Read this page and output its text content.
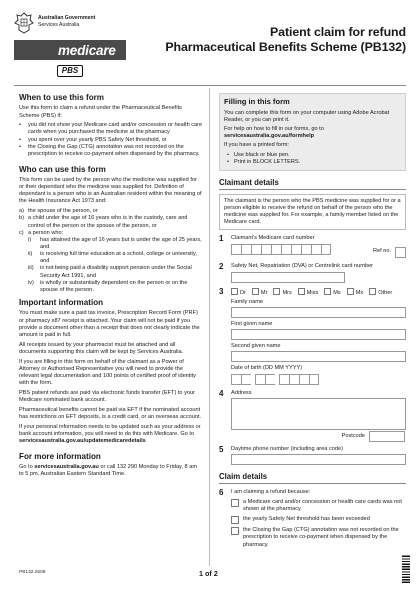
Australian Government
Services Australia
medicare
PBS
Patient claim for refund
Pharmaceutical Benefits Scheme (PB132)
When to use this form

Use this form to claim a refund under the Pharmaceutical Benefits Scheme (PBS) if:

• you did not show your Medicare card and/or concession or health care cards when you purchased the medicine at the pharmacy
• you spent over your yearly PBS Safety Net threshold, or
• the Closing the Gap (CTG) annotation was not recorded on the prescription to receive co-payment when dispensed by the pharmacy.
Who can use this form

This form can be used by the person who the medicine was supplied for or their dependant who the medicine was supplied for. Definition of dependant is a person who is an Australian resident within the meaning of the Health Insurance Act 1973 and:

a) the spouse of the person, or
b) a child under the age of 16 years who is in the custody, care and control of the person or the spouse of the person, or
c) a person who:
i)	has attained the age of 16 years but is under the age of 25 years, and
ii)	is receiving full time education at a school, college or university, and
iii)	is not being paid a disability support pension under the Social Security Act 1991, and
iv)	is wholly or substantially dependent on the person or on the spouse of the person.
Important information

You must make sure a paid tax invoice, Prescription Record Form (PRF) or pharmacy s87 receipt is attached. Your claim will not be paid if you provide a document other than a receipt that does not clearly indicate the amount is paid in full.

All receipts issued by your pharmacist must be attached and all documents supporting this claim will be kept by Services Australia.

If you are filling in this form on behalf of the claimant as a Power of Attorney or Authorised Representative you will need to provide the relevant legal documentation and 100 points of certified proof of identity with the form.

PBS patient refunds are paid via electronic funds transfer (EFT) to your Medicare nominated bank account.

Pharmaceutical benefits cannot be paid via EFT if the nominated account has restrictions on EFT deposits, is a credit card, or an overseas account.

If your personal information needs to be updated such as your address or bank account information, you will need to do this with Medicare. Go to servicesaustralia.gov.au/updatemedicaredetails

For more information

Go to servicesaustralia.gov.au or call 132 290 Monday to Friday, 8 am to 5 pm, Australian Eastern Standard Time.

Filling in this form

You can complete this form on your computer using Adobe Acrobat Reader, or you can print it.

For help on how to fill in our forms, go to
servicesaustralia.gov.au/formhelp

If you have a printed form:

• Use black or blue pen.
• Print in BLOCK LETTERS.
Claimant details
The claimant is the person who the PBS medicine was supplied for or a person eligible to receive the refund on behalf of the person who the medicine was supplied for. For example, a family member listed on the Medicare card.
1 Claimant's Medicare card number
Ref no.
2 Safety Net, Repatriation (DVA) or Centrelink card number
3	Dr	Mr	Mrs	Miss	Ms	Mx	Other
Family name
First given name
Second given name
Date of birth (DD MM YYYY)
4 Address
Postcode
5 Daytime phone number (including area code)
Claim details
6 I am claiming a refund because:
a Medicare card and/or concession or health care cards was not shown at the pharmacy
the yearly Safety Net threshold has been exceeded
the Closing the Gap (CTG) annotation was not recorded on the prescription to receive co-payment when dispensed by the pharmacy.
PB132.2508	1 of 2
